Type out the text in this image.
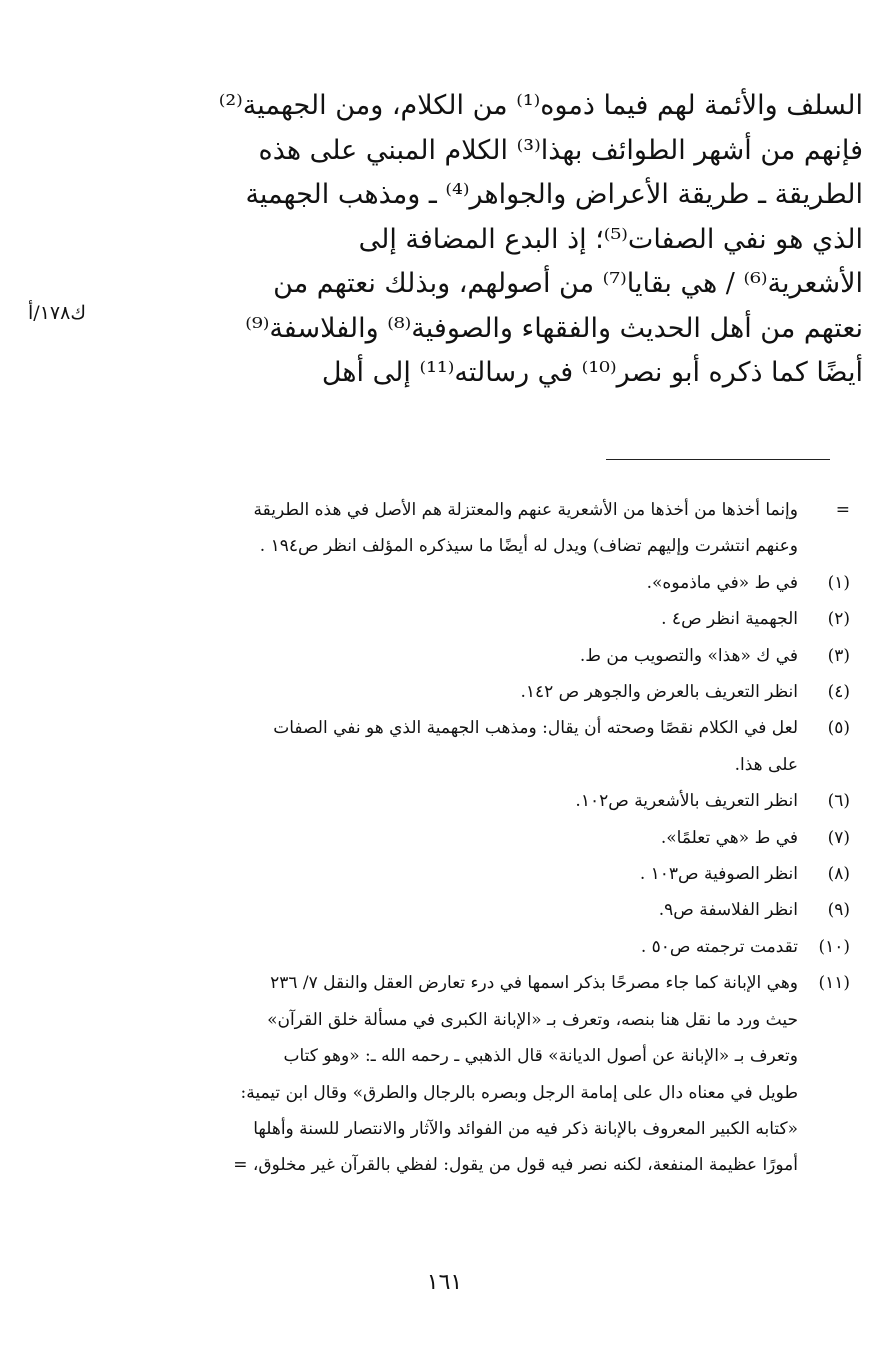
السلف والأئمة لهم فيما ذموه⁽¹⁾ من الكلام، ومن الجهمية⁽²⁾
فإنهم من أشهر الطوائف بهذا⁽³⁾ الكلام المبني على هذه
الطريقة ـ طريقة الأعراض والجواهر⁽⁴⁾ ـ ومذهب الجهمية
الذي هو نفي الصفات⁽⁵⁾؛ إذ البدع المضافة إلى
الأشعرية⁽⁶⁾ / هي بقايا⁽⁷⁾ من أصولهم، وبذلك نعتهم من
نعتهم من أهل الحديث والفقهاء والصوفية⁽⁸⁾ والفلاسفة⁽⁹⁾
أيضًا كما ذكره أبو نصر⁽¹⁰⁾ في رسالته⁽¹¹⁾ إلى أهل
ك١٧٨/أ
=
وإنما أخذها من أخذها من الأشعرية عنهم والمعتزلة هم الأصل في هذه الطريقة
وعنهم انتشرت وإليهم تضاف) ويدل له أيضًا ما سيذكره المؤلف انظر ص١٩٤ .
(١)
في ط «في ماذموه».
(٢)
الجهمية انظر ص٤ .
(٣)
في ك «هذا» والتصويب من ط.
(٤)
انظر التعريف بالعرض والجوهر ص ١٤٢.
(٥)
لعل في الكلام نقصًا وصحته أن يقال: ومذهب الجهمية الذي هو نفي الصفات
على هذا.
(٦)
انظر التعريف بالأشعرية ص١٠٢.
(٧)
في ط «هي تعلمًا».
(٨)
انظر الصوفية ص١٠٣ .
(٩)
انظر الفلاسفة ص٩.
(١٠)
تقدمت ترجمته ص٥٠ .
(١١)
وهي الإبانة كما جاء مصرحًا بذكر اسمها في درء تعارض العقل والنقل ٧/ ٢٣٦
حيث ورد ما نقل هنا بنصه، وتعرف بـ «الإبانة الكبرى في مسألة خلق القرآن»
وتعرف بـ «الإبانة عن أصول الديانة» قال الذهبي ـ رحمه الله ـ: «وهو كتاب
طويل في معناه دال على إمامة الرجل وبصره بالرجال والطرق» وقال ابن تيمية:
«كتابه الكبير المعروف بالإبانة ذكر فيه من الفوائد والآثار والانتصار للسنة وأهلها
أمورًا عظيمة المنفعة، لكنه نصر فيه قول من يقول: لفظي بالقرآن غير مخلوق، =
١٦١
